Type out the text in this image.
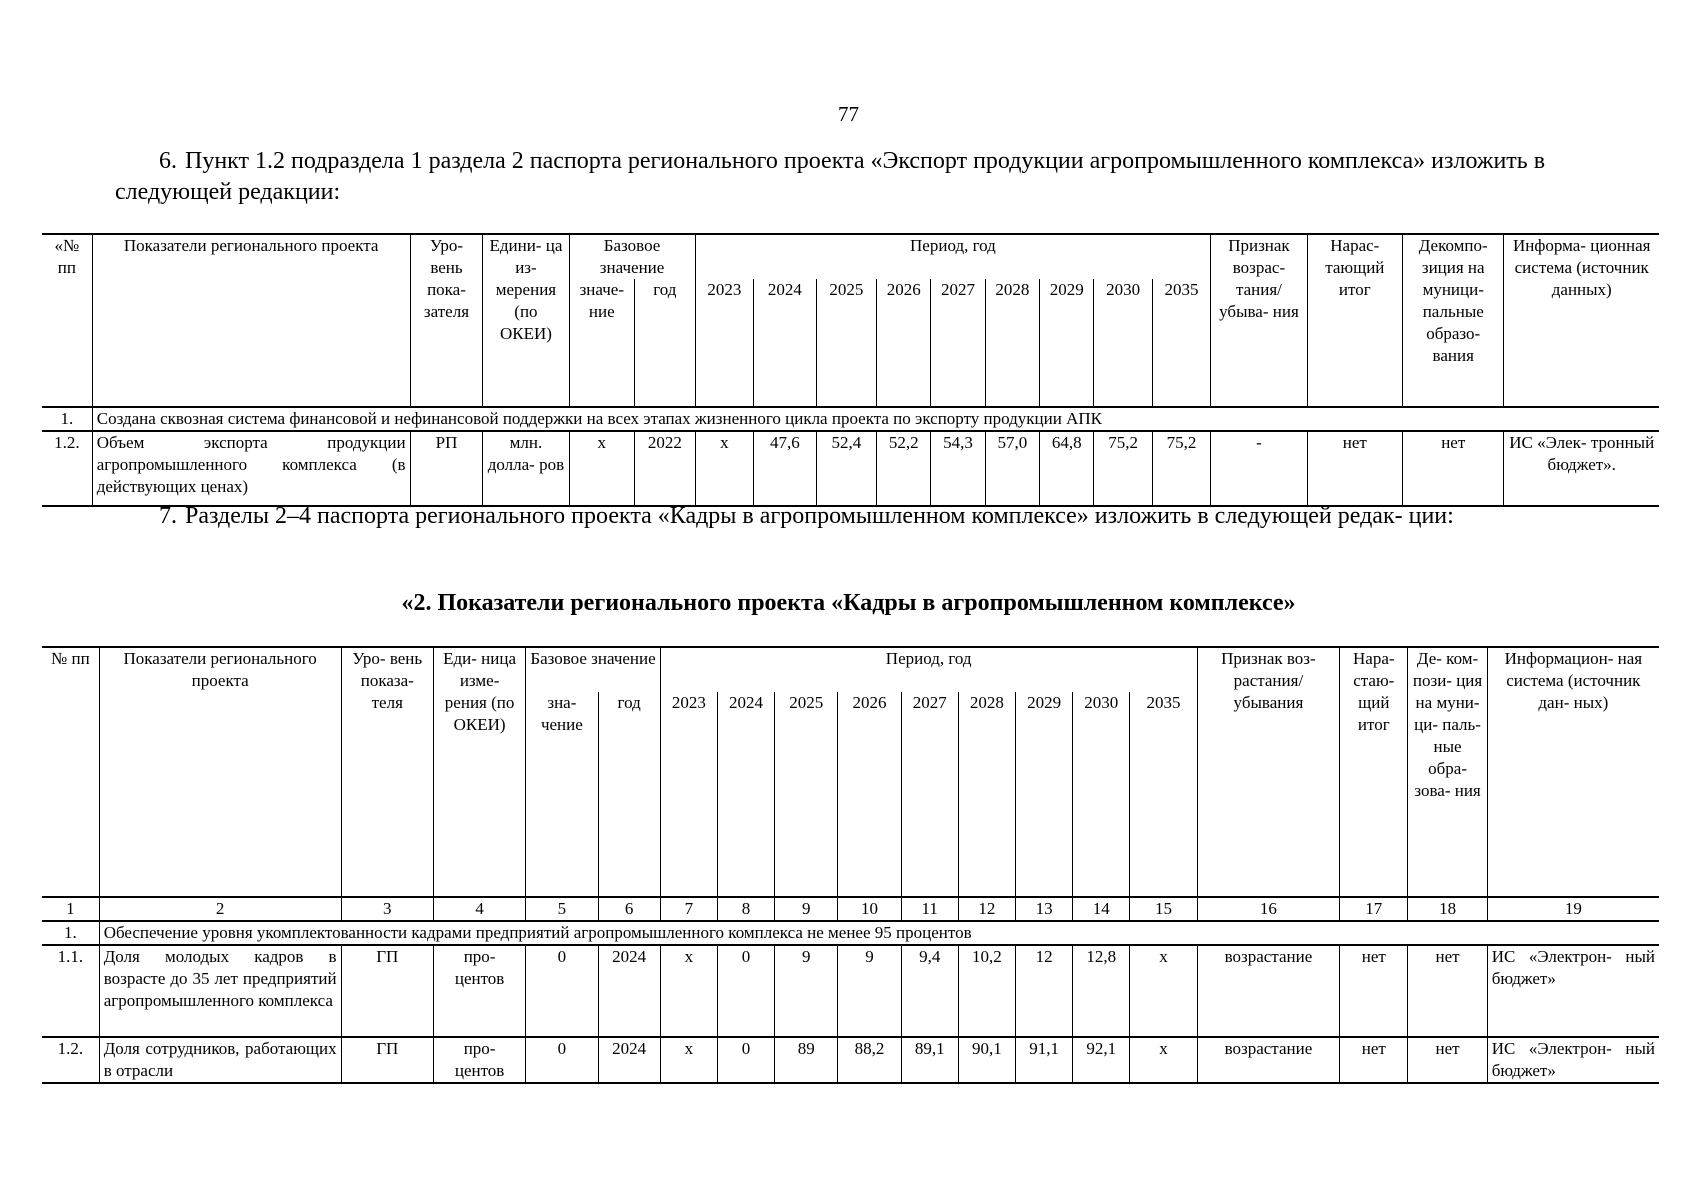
77
6. Пункт 1.2 подраздела 1 раздела 2 паспорта регионального проекта «Экспорт продукции агропромышленного комплекса» изложить в следующей редакции:
«№ пп	Показатели регионального проекта	Уро- вень пока- зателя	Едини- ца из- мерения (по ОКЕИ)	Базовое значение		Период, год									Признак возрас- тания/ убыва- ния	Нарас- тающий итог	Декомпо- зиция на муници- пальные образо- вания	Информа- ционная система (источник данных)
				значе- ние	год	2023	2024	2025	2026	2027	2028	2029	2030	2035				
1.	Создана сквозная система финансовой и нефинансовой поддержки на всех этапах жизненного цикла проекта по экспорту продукции АПК																	
1.2.	Объем экспорта продукции агропромышленного комплекса (в действующих ценах)	РП	млн. долла- ров	х	2022	х	47,6	52,4	52,2	54,3	57,0	64,8	75,2	75,2	-	нет	нет	ИС «Элек- тронный бюджет».
7. Разделы 2–4 паспорта регионального проекта «Кадры в агропромышленном комплексе» изложить в следующей редак- ции:
«2. Показатели регионального проекта «Кадры в агропромышленном комплексе»
№ пп	Показатели регионального проекта	Уро- вень показа- теля	Еди- ница изме- рения (по ОКЕИ)	Базовое значение		Период, год									Признак воз- растания/ убывания	Нара- стаю- щий итог	Де- ком- пози- ция на муни- ци- паль- ные обра- зова- ния	Информацион- ная система (источник дан- ных)
				зна- чение	год	2023	2024	2025	2026	2027	2028	2029	2030	2035				
1	2	3	4	5	6	7	8	9	10	11	12	13	14	15	16	17	18	19
1.	Обеспечение уровня укомплектованности кадрами предприятий агропромышленного комплекса не менее 95 процентов																	
1.1.	Доля молодых кадров в возрасте до 35 лет предприятий агропромышленного комплекса	ГП	про- центов	0	2024	х	0	9	9	9,4	10,2	12	12,8	х	возрастание	нет	нет	ИС «Электрон- ный бюджет»
1.2.	Доля сотрудников, работающих в отрасли	ГП	про- центов	0	2024	х	0	89	88,2	89,1	90,1	91,1	92,1	х	возрастание	нет	нет	ИС «Электрон- ный бюджет»
